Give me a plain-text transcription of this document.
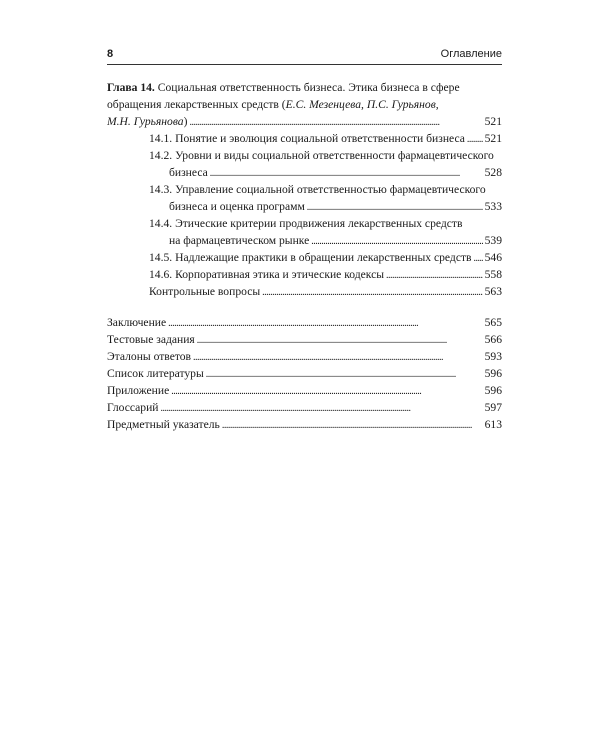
8	Оглавление
Глава 14. Социальная ответственность бизнеса. Этика бизнеса в сфере
обращения лекарственных средств (Е.С. Мезенцева, П.С. Гурьянов,
М.Н. Гурьянова) . . .	521
14.1. Понятие и эволюция социальной ответственности бизнеса . . . 521
14.2. Уровни и виды социальной ответственности фармацевтического
бизнеса . . .	528
14.3. Управление социальной ответственностью фармацевтического
бизнеса и оценка программ . . .	533
14.4. Этические критерии продвижения лекарственных средств
на фармацевтическом рынке . . .	539
14.5. Надлежащие практики в обращении лекарственных средств . . . 546
14.6. Корпоративная этика и этические кодексы . . .	558
Контрольные вопросы . . .	563
Заключение . . .	565
Тестовые задания . . .	566
Эталоны ответов . . .	593
Список литературы . . .	596
Приложение . . .	596
Глоссарий . . .	597
Предметный указатель . . .	613
